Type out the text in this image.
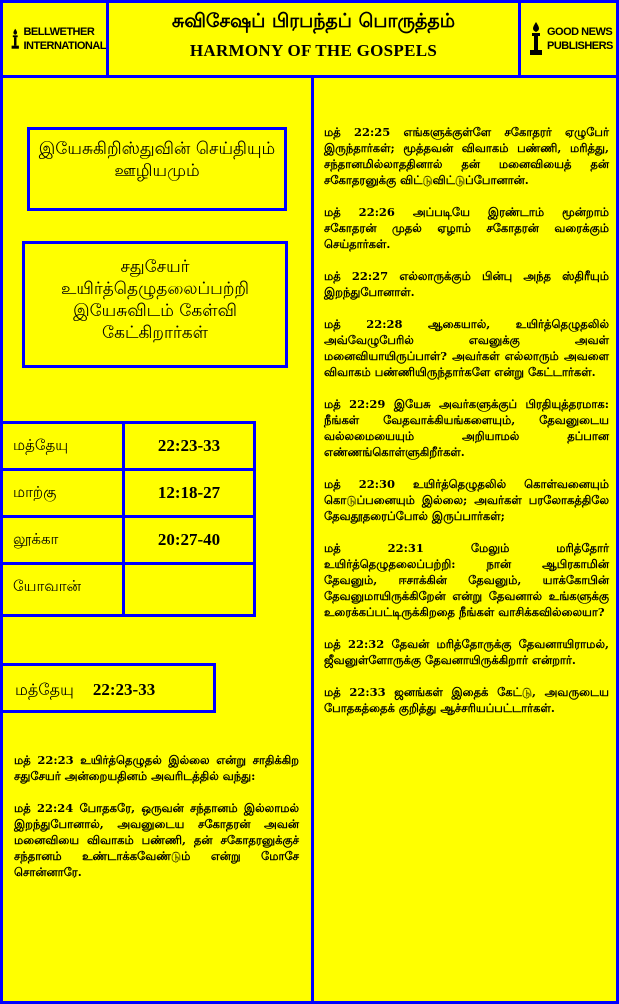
BELLWETHER
INTERNATIONAL
சுவிசேஷப் பிரபந்தப் பொருத்தம்
HARMONY OF THE GOSPELS
GOOD NEWS
PUBLISHERS
இயேசுகிறிஸ்துவின் செய்தியும் ஊழியமும்
சதுசேயர் உயிர்த்தெழுதலைப்பற்றி இயேசுவிடம் கேள்வி கேட்கிறார்கள்
மத்தேயு	22:23-33
மாற்கு	12:18-27
லூக்கா	20:27-40
யோவான்
மத்தேயு 22:23-33

மத் 22:23 உயிர்த்தெழுதல் இல்லை என்று சாதிக்கிற சதுசேயர் அன்றையதினம் அவரிடத்தில் வந்து:

மத் 22:24 போதகரே, ஒருவன் சந்தானம் இல்லாமல் இறந்துபோனால், அவனுடைய சகோதரன் அவன் மனைவியை விவாகம் பண்ணி, தன் சகோதரனுக்குச் சந்தானம் உண்டாக்கவேண்டும் என்று மோசே சொன்னாரே.

மத் 22:25 எங்களுக்குள்ளே சகோதரர் ஏழுபேர் இருந்தார்கள்; மூத்தவன் விவாகம் பண்ணி, மரித்து, சந்தானமில்லாததினால் தன் மனைவியைத் தன் சகோதரனுக்கு விட்டுவிட்டுப்போனான்.

மத் 22:26 அப்படியே இரண்டாம் மூன்றாம் சகோதரன் முதல் ஏழாம் சகோதரன் வரைக்கும் செய்தார்கள்.

மத் 22:27 எல்லாருக்கும் பின்பு அந்த ஸ்திரீயும் இறந்துபோனாள்.

மத் 22:28 ஆகையால், உயிர்த்தெழுதலில் அவ்வேழுபேரில் எவனுக்கு அவள் மனைவியாயிருப்பாள்? அவர்கள் எல்லாரும் அவளை விவாகம் பண்ணியிருந்தார்களே என்று கேட்டார்கள்.

மத் 22:29 இயேசு அவர்களுக்குப் பிரதியுத்தரமாக: நீங்கள் வேதவாக்கியங்களையும், தேவனுடைய வல்லமையையும் அறியாமல் தப்பான எண்ணங்கொள்ளுகிறீர்கள்.

மத் 22:30 உயிர்த்தெழுதலில் கொள்வனையும் கொடுப்பனையும் இல்லை; அவர்கள் பரலோகத்திலே தேவதூதரைப்போல் இருப்பார்கள்;

மத் 22:31 மேலும் மரித்தோர் உயிர்த்தெழுதலைப்பற்றி: நான் ஆபிரகாமின் தேவனும், ஈசாக்கின் தேவனும், யாக்கோபின் தேவனுமாயிருக்கிறேன் என்று தேவனால் உங்களுக்கு உரைக்கப்பட்டிருக்கிறதை நீங்கள் வாசிக்கவில்லையா?

மத் 22:32 தேவன் மரித்தோருக்கு தேவனாயிராமல், ஜீவனுள்ளோருக்கு தேவனாயிருக்கிறார் என்றார்.

மத் 22:33 ஜனங்கள் இதைக் கேட்டு, அவருடைய போதகத்தைக் குறித்து ஆச்சரியப்பட்டார்கள்.
